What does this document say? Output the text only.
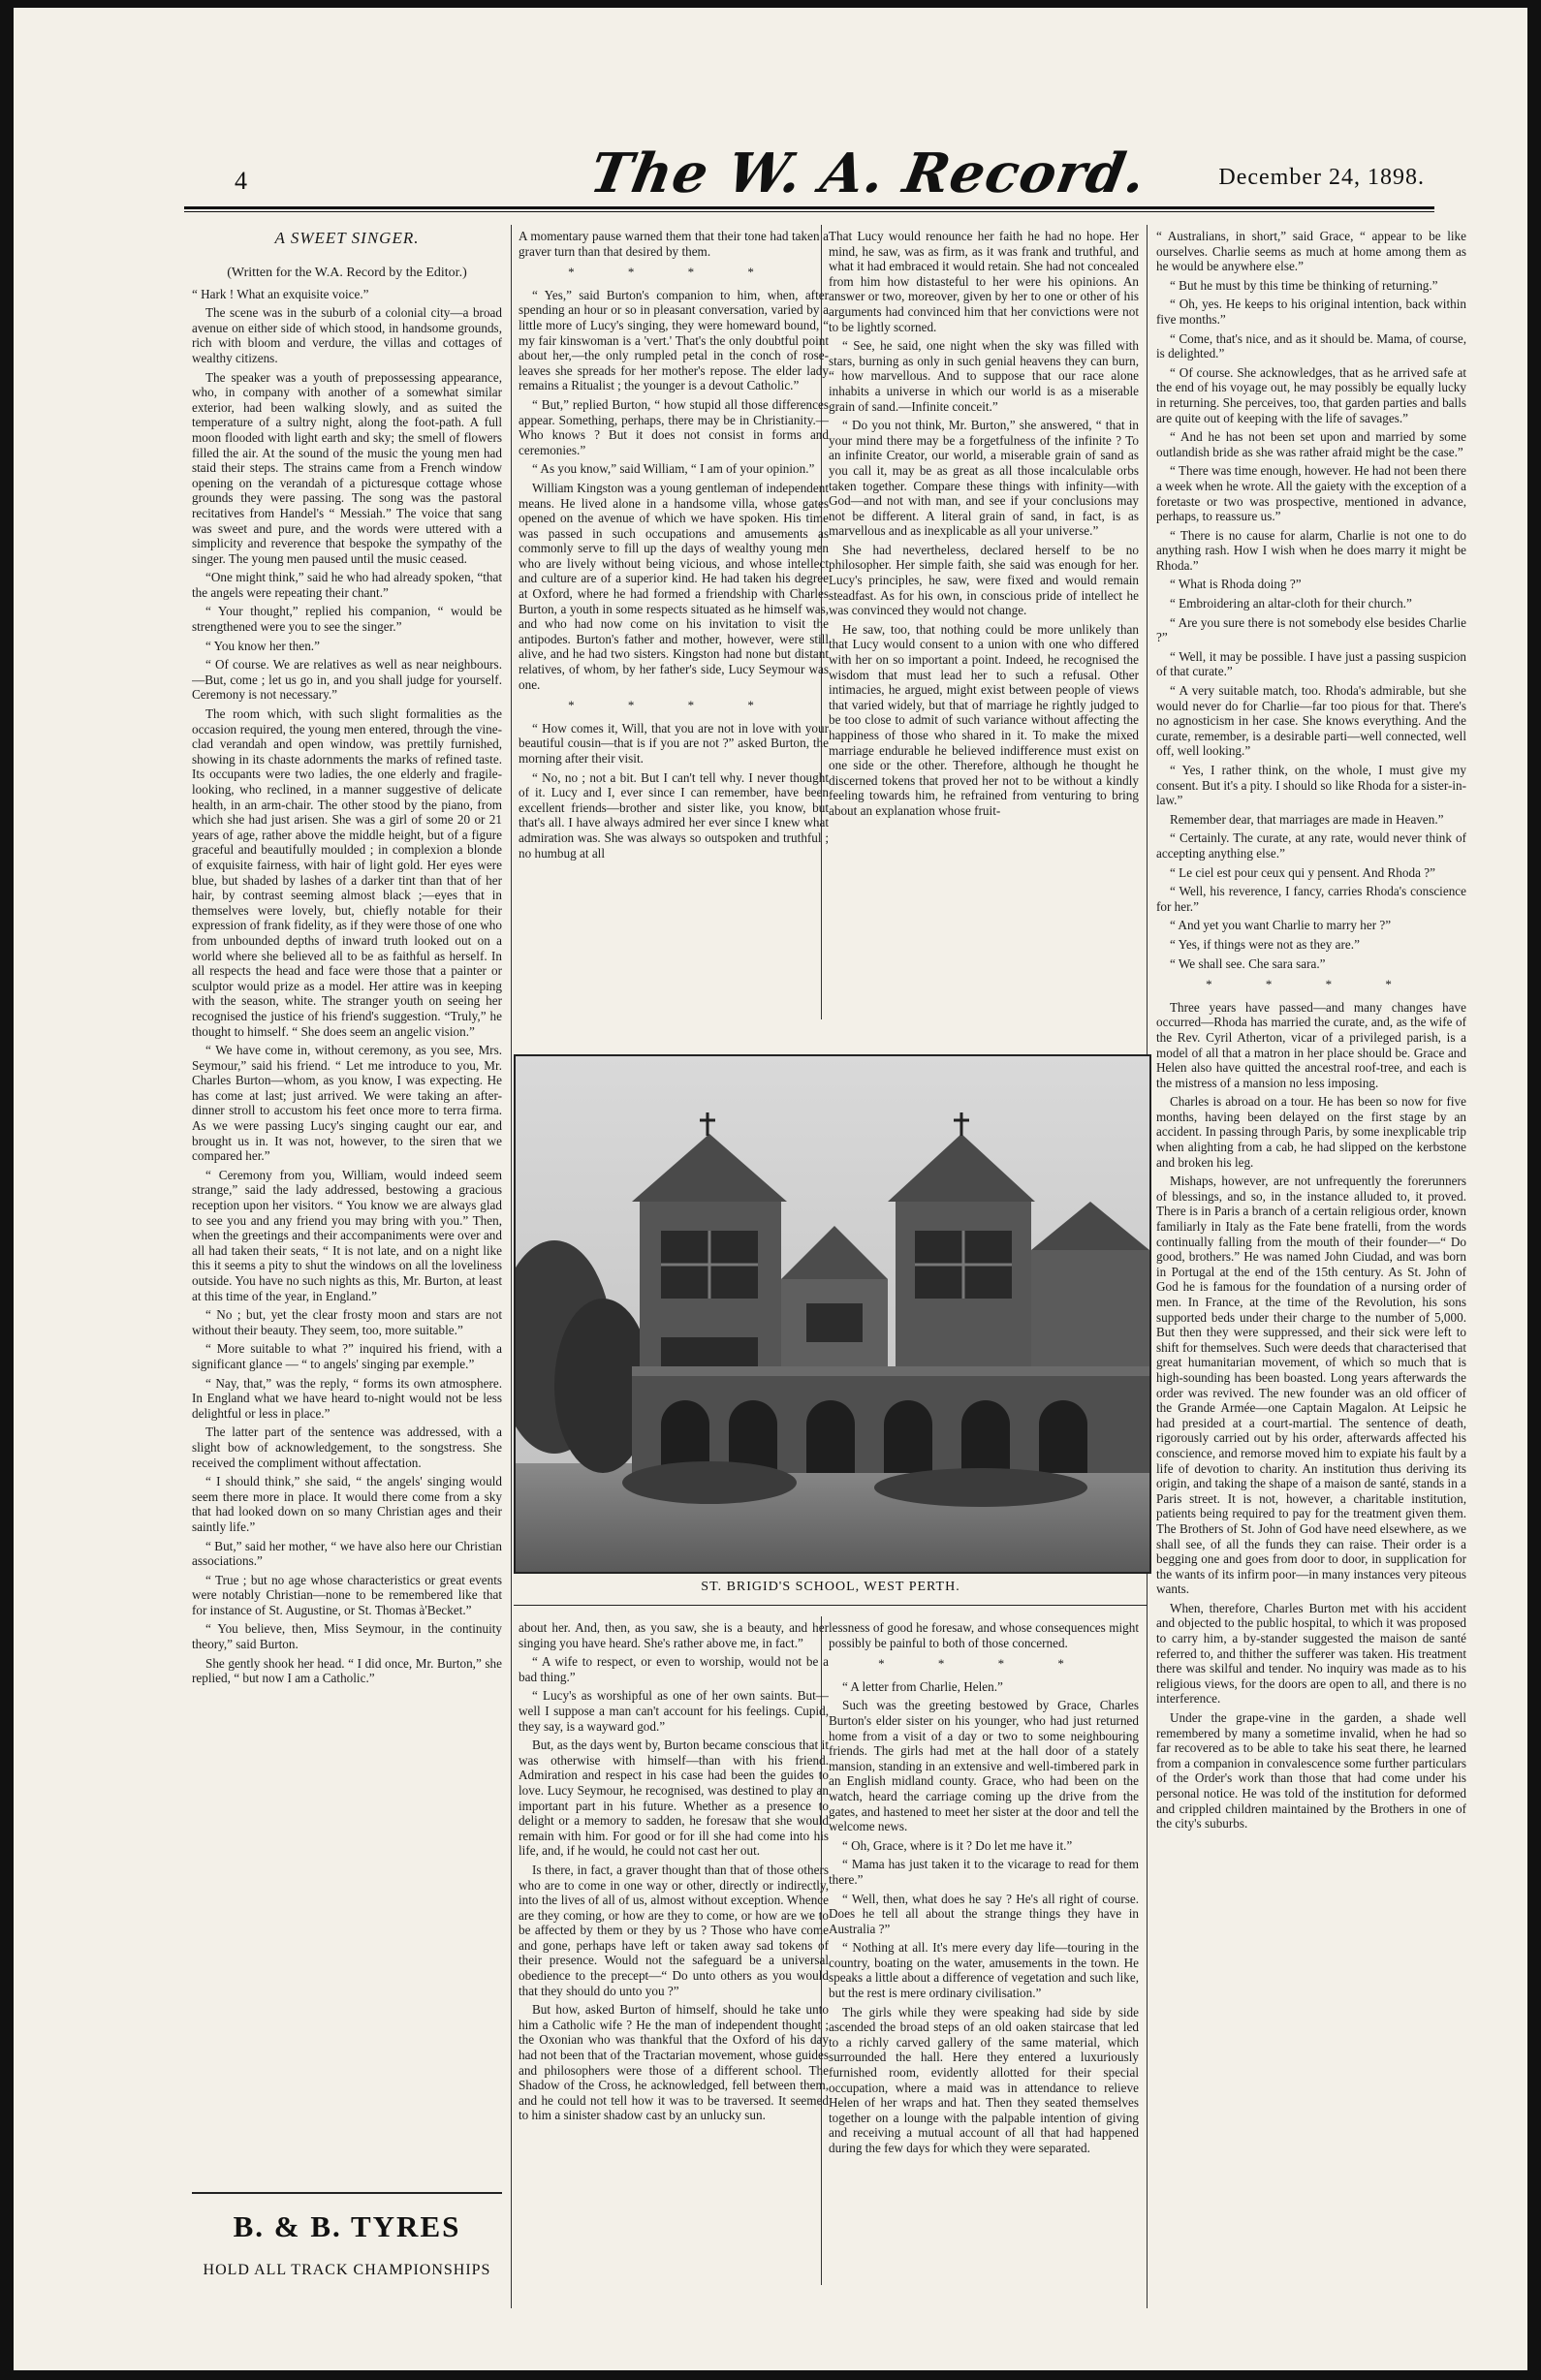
4	The W. A. Record.	December 24, 1898.
A SWEET SINGER.

(Written for the W.A. Record by the Editor.)

“ Hark ! What an exquisite voice.”

The scene was in the suburb of a colonial city—a broad avenue on either side of which stood, in handsome grounds, rich with bloom and verdure, the villas and cottages of wealthy citizens.

The speaker was a youth of prepossessing appearance, who, in company with another of a somewhat similar exterior, had been walking slowly, and as suited the temperature of a sultry night, along the foot-path. A full moon flooded with light earth and sky; the smell of flowers filled the air. At the sound of the music the young men had staid their steps. The strains came from a French window opening on the verandah of a picturesque cottage whose grounds they were passing. The song was the pastoral recitatives from Handel's “ Messiah.” The voice that sang was sweet and pure, and the words were uttered with a simplicity and reverence that bespoke the sympathy of the singer. The young men paused until the music ceased.

“One might think,” said he who had already spoken, “that the angels were repeating their chant.”

“ Your thought,” replied his companion, “ would be strengthened were you to see the singer.”

“ You know her then.”

“ Of course. We are relatives as well as near neighbours.—But, come ; let us go in, and you shall judge for yourself. Ceremony is not necessary.”

The room which, with such slight formalities as the occasion required, the young men entered, through the vine-clad verandah and open window, was prettily furnished, showing in its chaste adornments the marks of refined taste. Its occupants were two ladies, the one elderly and fragile-looking, who reclined, in a manner suggestive of delicate health, in an arm-chair. The other stood by the piano, from which she had just arisen. She was a girl of some 20 or 21 years of age, rather above the middle height, but of a figure graceful and beautifully moulded ; in complexion a blonde of exquisite fairness, with hair of light gold. Her eyes were blue, but shaded by lashes of a darker tint than that of her hair, by contrast seeming almost black ;—eyes that in themselves were lovely, but, chiefly notable for their expression of frank fidelity, as if they were those of one who from unbounded depths of inward truth looked out on a world where she believed all to be as faithful as herself. In all respects the head and face were those that a painter or sculptor would prize as a model. Her attire was in keeping with the season, white. The stranger youth on seeing her recognised the justice of his friend's suggestion. “Truly,” he thought to himself. “ She does seem an angelic vision.”

“ We have come in, without ceremony, as you see, Mrs. Seymour,” said his friend. “ Let me introduce to you, Mr. Charles Burton—whom, as you know, I was expecting. He has come at last; just arrived. We were taking an after-dinner stroll to accustom his feet once more to terra firma. As we were passing Lucy's singing caught our ear, and brought us in. It was not, however, to the siren that we compared her.”

“ Ceremony from you, William, would indeed seem strange,” said the lady addressed, bestowing a gracious reception upon her visitors. “ You know we are always glad to see you and any friend you may bring with you.” Then, when the greetings and their accompaniments were over and all had taken their seats, “ It is not late, and on a night like this it seems a pity to shut the windows on all the loveliness outside. You have no such nights as this, Mr. Burton, at least at this time of the year, in England.”

“ No ; but, yet the clear frosty moon and stars are not without their beauty. They seem, too, more suitable.”

“ More suitable to what ?” inquired his friend, with a significant glance — “ to angels' singing par exemple.”

“ Nay, that,” was the reply, “ forms its own atmosphere. In England what we have heard to-night would not be less delightful or less in place.”

The latter part of the sentence was addressed, with a slight bow of acknowledgement, to the songstress. She received the compliment without affectation.

“ I should think,” she said, “ the angels' singing would seem there more in place. It would there come from a sky that had looked down on so many Christian ages and their saintly life.”

“ But,” said her mother, “ we have also here our Christian associations.”

“ True ; but no age whose characteristics or great events were notably Christian—none to be remembered like that for instance of St. Augustine, or St. Thomas à'Becket.”

“ You believe, then, Miss Seymour, in the continuity theory,” said Burton.

She gently shook her head. “ I did once, Mr. Burton,” she replied, “ but now I am a Catholic.”

A momentary pause warned them that their tone had taken a graver turn than that desired by them.

* * * *

“ Yes,” said Burton's companion to him, when, after spending an hour or so in pleasant conversation, varied by a little more of Lucy's singing, they were homeward bound, “ my fair kinswoman is a 'vert.' That's the only doubtful point about her,—the only rumpled petal in the conch of rose-leaves she spreads for her mother's repose. The elder lady remains a Ritualist ; the younger is a devout Catholic.”

“ But,” replied Burton, “ how stupid all those differences appear. Something, perhaps, there may be in Christianity.—Who knows ? But it does not consist in forms and ceremonies.”

“ As you know,” said William, “ I am of your opinion.”

William Kingston was a young gentleman of independent means. He lived alone in a handsome villa, whose gates opened on the avenue of which we have spoken. His time was passed in such occupations and amusements as commonly serve to fill up the days of wealthy young men who are lively without being vicious, and whose intellect and culture are of a superior kind. He had taken his degree at Oxford, where he had formed a friendship with Charles Burton, a youth in some respects situated as he himself was, and who had now come on his invitation to visit the antipodes. Burton's father and mother, however, were still alive, and he had two sisters. Kingston had none but distant relatives, of whom, by her father's side, Lucy Seymour was one.

* * * *

“ How comes it, Will, that you are not in love with your beautiful cousin—that is if you are not ?” asked Burton, the morning after their visit.

“ No, no ; not a bit. But I can't tell why. I never thought of it. Lucy and I, ever since I can remember, have been excellent friends—brother and sister like, you know, but that's all. I have always admired her ever since I knew what admiration was. She was always so outspoken and truthful ; no humbug at all

That Lucy would renounce her faith he had no hope. Her mind, he saw, was as firm, as it was frank and truthful, and what it had embraced it would retain. She had not concealed from him how distasteful to her were his opinions. An answer or two, moreover, given by her to one or other of his arguments had convinced him that her convictions were not to be lightly scorned.

“ See, he said, one night when the sky was filled with stars, burning as only in such genial heavens they can burn, “ how marvellous. And to suppose that our race alone inhabits a universe in which our world is as a miserable grain of sand.—Infinite conceit.”

“ Do you not think, Mr. Burton,” she answered, “ that in your mind there may be a forgetfulness of the infinite ? To an infinite Creator, our world, a miserable grain of sand as you call it, may be as great as all those incalculable orbs taken together. Compare these things with infinity—with God—and not with man, and see if your conclusions may not be different. A literal grain of sand, in fact, is as marvellous and as inexplicable as all your universe.”

She had nevertheless, declared herself to be no philosopher. Her simple faith, she said was enough for her. Lucy's principles, he saw, were fixed and would remain steadfast. As for his own, in conscious pride of intellect he was convinced they would not change.

He saw, too, that nothing could be more unlikely than that Lucy would consent to a union with one who differed with her on so important a point. Indeed, he recognised the wisdom that must lead her to such a refusal. Other intimacies, he argued, might exist between people of views that varied widely, but that of marriage he rightly judged to be too close to admit of such variance without affecting the happiness of those who shared in it. To make the mixed marriage endurable he believed indifference must exist on one side or the other. Therefore, although he thought he discerned tokens that proved her not to be without a kindly feeling towards him, he refrained from venturing to bring about an explanation whose fruit-

ST. BRIGID'S SCHOOL, WEST PERTH.

about her. And, then, as you saw, she is a beauty, and her singing you have heard. She's rather above me, in fact.”

“ A wife to respect, or even to worship, would not be a bad thing.”

“ Lucy's as worshipful as one of her own saints. But—well I suppose a man can't account for his feelings. Cupid, they say, is a wayward god.”

But, as the days went by, Burton became conscious that it was otherwise with himself—than with his friend. Admiration and respect in his case had been the guides to love. Lucy Seymour, he recognised, was destined to play an important part in his future. Whether as a presence to delight or a memory to sadden, he foresaw that she would remain with him. For good or for ill she had come into his life, and, if he would, he could not cast her out.

Is there, in fact, a graver thought than that of those others who are to come in one way or other, directly or indirectly, into the lives of all of us, almost without exception. Whence are they coming, or how are they to come, or how are we to be affected by them or they by us ? Those who have come and gone, perhaps have left or taken away sad tokens of their presence. Would not the safeguard be a universal obedience to the precept—“ Do unto others as you would that they should do unto you ?”

But how, asked Burton of himself, should he take unto him a Catholic wife ? He the man of independent thought ; the Oxonian who was thankful that the Oxford of his day had not been that of the Tractarian movement, whose guides and philosophers were those of a different school. The Shadow of the Cross, he acknowledged, fell between them, and he could not tell how it was to be traversed. It seemed to him a sinister shadow cast by an unlucky sun.

lessness of good he foresaw, and whose consequences might possibly be painful to both of those concerned.

* * * *

“ A letter from Charlie, Helen.”

Such was the greeting bestowed by Grace, Charles Burton's elder sister on his younger, who had just returned home from a visit of a day or two to some neighbouring friends. The girls had met at the hall door of a stately mansion, standing in an extensive and well-timbered park in an English midland county. Grace, who had been on the watch, heard the carriage coming up the drive from the gates, and hastened to meet her sister at the door and tell the welcome news.

“ Oh, Grace, where is it ? Do let me have it.”

“ Mama has just taken it to the vicarage to read for them there.”

“ Well, then, what does he say ? He's all right of course. Does he tell all about the strange things they have in Australia ?”

“ Nothing at all. It's mere every day life—touring in the country, boating on the water, amusements in the town. He speaks a little about a difference of vegetation and such like, but the rest is mere ordinary civilisation.”

The girls while they were speaking had side by side ascended the broad steps of an old oaken staircase that led to a richly carved gallery of the same material, which surrounded the hall. Here they entered a luxuriously furnished room, evidently allotted for their special occupation, where a maid was in attendance to relieve Helen of her wraps and hat. Then they seated themselves together on a lounge with the palpable intention of giving and receiving a mutual account of all that had happened during the few days for which they were separated.

“ Australians, in short,” said Grace, “ appear to be like ourselves. Charlie seems as much at home among them as he would be anywhere else.”

“ But he must by this time be thinking of returning.”

“ Oh, yes. He keeps to his original intention, back within five months.”

“ Come, that's nice, and as it should be. Mama, of course, is delighted.”

“ Of course. She acknowledges, that as he arrived safe at the end of his voyage out, he may possibly be equally lucky in returning. She perceives, too, that garden parties and balls are quite out of keeping with the life of savages.”

“ And he has not been set upon and married by some outlandish bride as she was rather afraid might be the case.”

“ There was time enough, however. He had not been there a week when he wrote. All the gaiety with the exception of a foretaste or two was prospective, mentioned in advance, perhaps, to reassure us.”

“ There is no cause for alarm, Charlie is not one to do anything rash. How I wish when he does marry it might be Rhoda.”

“ What is Rhoda doing ?”

“ Embroidering an altar-cloth for their church.”

“ Are you sure there is not somebody else besides Charlie ?”

“ Well, it may be possible. I have just a passing suspicion of that curate.”

“ A very suitable match, too. Rhoda's admirable, but she would never do for Charlie—far too pious for that. There's no agnosticism in her case. She knows everything. And the curate, remember, is a desirable parti—well connected, well off, well looking.”

“ Yes, I rather think, on the whole, I must give my consent. But it's a pity. I should so like Rhoda for a sister-in-law.”

Remember dear, that marriages are made in Heaven.”

“ Certainly. The curate, at any rate, would never think of accepting anything else.”

“ Le ciel est pour ceux qui y pensent. And Rhoda ?”

“ Well, his reverence, I fancy, carries Rhoda's conscience for her.”

“ And yet you want Charlie to marry her ?”

“ Yes, if things were not as they are.”

“ We shall see. Che sara sara.”

* * * *

Three years have passed—and many changes have occurred—Rhoda has married the curate, and, as the wife of the Rev. Cyril Atherton, vicar of a privileged parish, is a model of all that a matron in her place should be. Grace and Helen also have quitted the ancestral roof-tree, and each is the mistress of a mansion no less imposing.

Charles is abroad on a tour. He has been so now for five months, having been delayed on the first stage by an accident. In passing through Paris, by some inexplicable trip when alighting from a cab, he had slipped on the kerbstone and broken his leg.

Mishaps, however, are not unfrequently the forerunners of blessings, and so, in the instance alluded to, it proved. There is in Paris a branch of a certain religious order, known familiarly in Italy as the Fate bene fratelli, from the words continually falling from the mouth of their founder—“ Do good, brothers.” He was named John Ciudad, and was born in Portugal at the end of the 15th century. As St. John of God he is famous for the foundation of a nursing order of men. In France, at the time of the Revolution, his sons supported beds under their charge to the number of 5,000. But then they were suppressed, and their sick were left to shift for themselves. Such were deeds that characterised that great humanitarian movement, of which so much that is high-sounding has been boasted. Long years afterwards the order was revived. The new founder was an old officer of the Grande Armée—one Captain Magalon. At Leipsic he had presided at a court-martial. The sentence of death, rigorously carried out by his order, afterwards affected his conscience, and remorse moved him to expiate his fault by a life of devotion to charity. An institution thus deriving its origin, and taking the shape of a maison de santé, stands in a Paris street. It is not, however, a charitable institution, patients being required to pay for the treatment given them. The Brothers of St. John of God have need elsewhere, as we shall see, of all the funds they can raise. Their order is a begging one and goes from door to door, in supplication for the wants of its infirm poor—in many instances very piteous wants.

When, therefore, Charles Burton met with his accident and objected to the public hospital, to which it was proposed to carry him, a by-stander suggested the maison de santé referred to, and thither the sufferer was taken. His treatment there was skilful and tender. No inquiry was made as to his religious views, for the doors are open to all, and there is no interference.

Under the grape-vine in the garden, a shade well remembered by many a sometime invalid, when he had so far recovered as to be able to take his seat there, he learned from a companion in convalescence some further particulars of the Order's work than those that had come under his personal notice. He was told of the institution for deformed and crippled children maintained by the Brothers in one of the city's suburbs.

B. & B. TYRES
HOLD ALL TRACK CHAMPIONSHIPS
